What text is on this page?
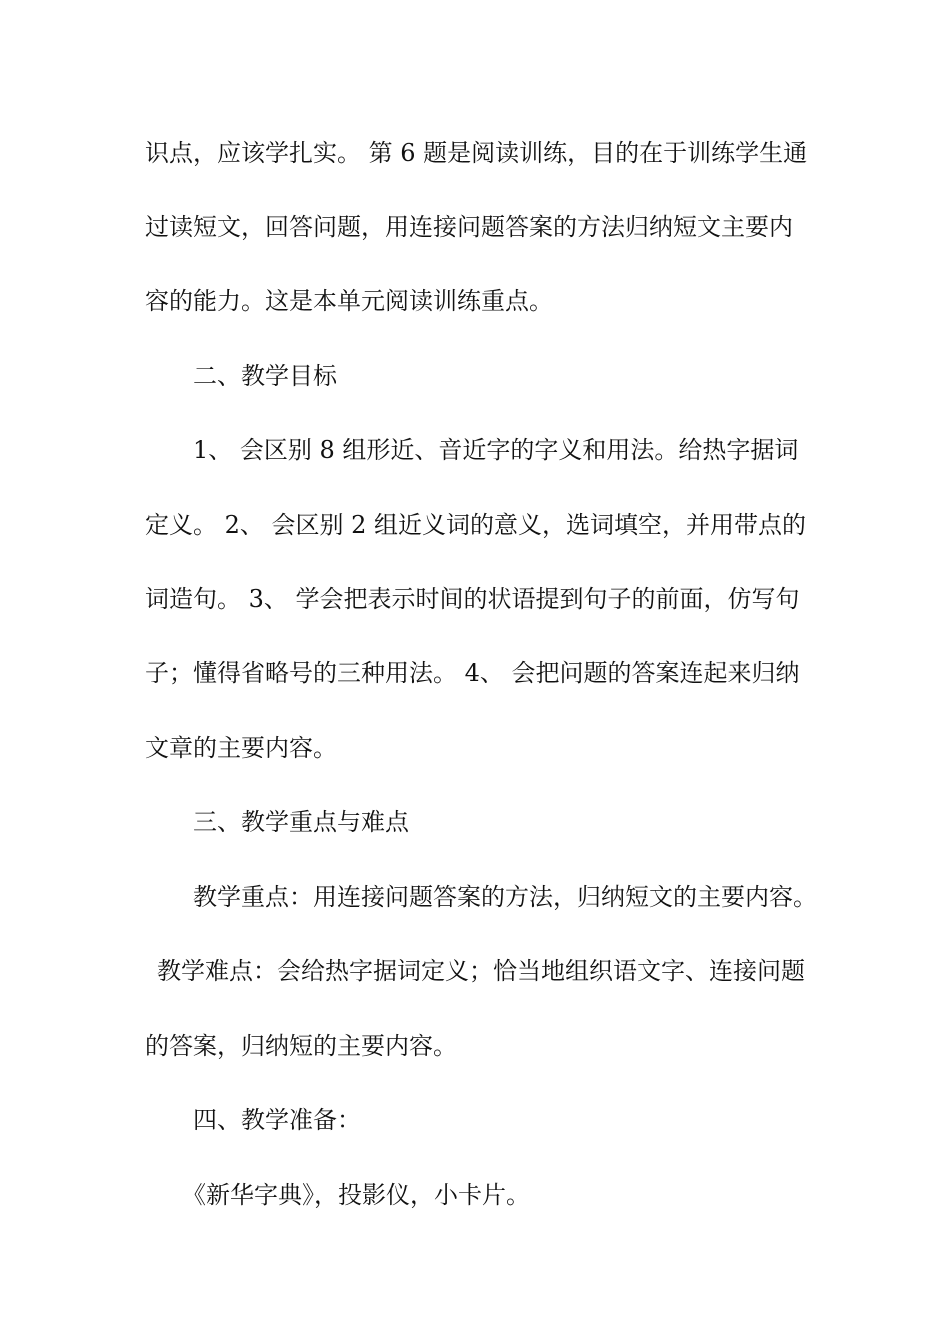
识点，应该学扎实。 第 6 题是阅读训练，目的在于训练学生通
过读短文，回答问题，用连接问题答案的方法归纳短文主要内
容的能力。这是本单元阅读训练重点。
二、教学目标
1、 会区别 8 组形近、音近字的字义和用法。给热字据词
定义。 2、 会区别 2 组近义词的意义，选词填空，并用带点的
词造句。 3、 学会把表示时间的状语提到句子的前面，仿写句
子；懂得省略号的三种用法。 4、 会把问题的答案连起来归纳
文章的主要内容。
三、教学重点与难点
教学重点：用连接问题答案的方法，归纳短文的主要内容。
教学难点：会给热字据词定义；恰当地组织语文字、连接问题
的答案，归纳短的主要内容。
四、教学准备：
《新华字典》，投影仪，小卡片。
